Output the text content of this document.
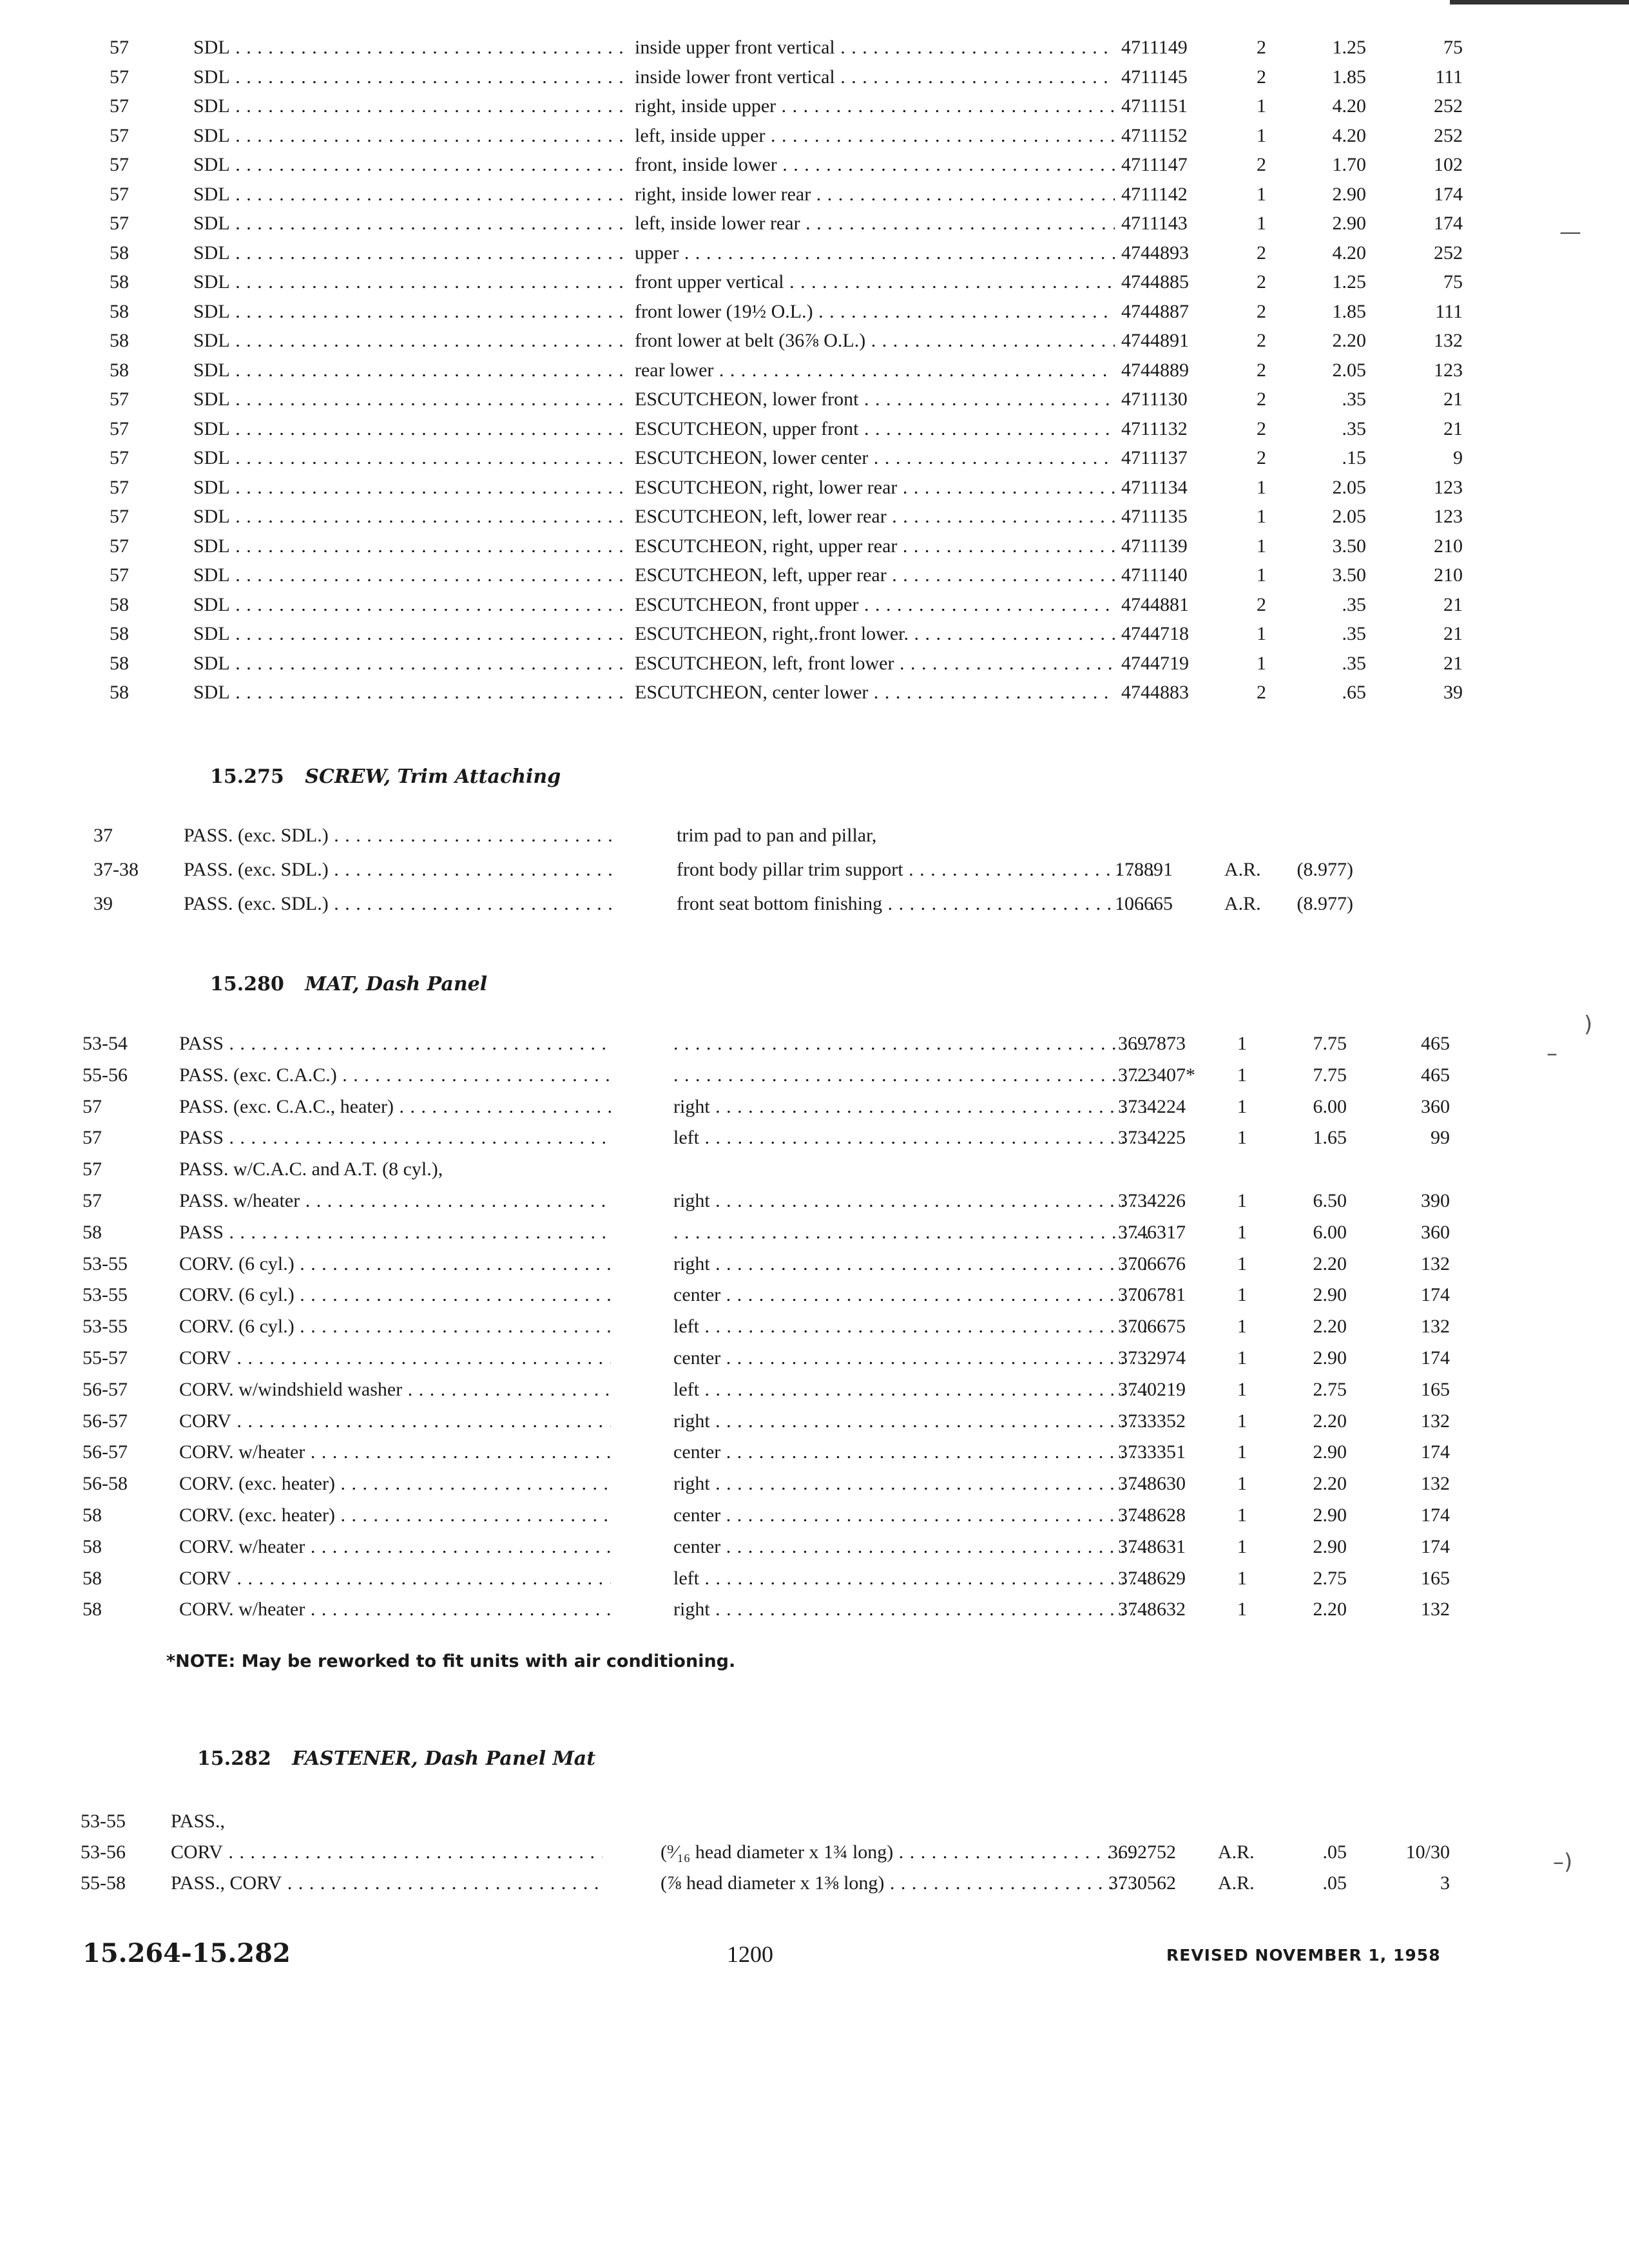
—
)
–
–)
57	SDL . . .	inside upper front vertical . . .	4711149	2	1.25	75
57	SDL . . .	inside lower front vertical . . .	4711145	2	1.85	111
57	SDL . . .	right, inside upper . . .	4711151	1	4.20	252
57	SDL . . .	left, inside upper . . .	4711152	1	4.20	252
57	SDL . . .	front, inside lower . . .	4711147	2	1.70	102
57	SDL . . .	right, inside lower rear . . .	4711142	1	2.90	174
57	SDL . . .	left, inside lower rear . . .	4711143	1	2.90	174
58	SDL . . .	upper . . .	4744893	2	4.20	252
58	SDL . . .	front upper vertical . . .	4744885	2	1.25	75
58	SDL . . .	front lower (19½ O.L.) . . .	4744887	2	1.85	111
58	SDL . . .	front lower at belt (36⅞ O.L.) . . .	4744891	2	2.20	132
58	SDL . . .	rear lower . . .	4744889	2	2.05	123
57	SDL . . .	ESCUTCHEON, lower front . . .	4711130	2	.35	21
57	SDL . . .	ESCUTCHEON, upper front . . .	4711132	2	.35	21
57	SDL . . .	ESCUTCHEON, lower center . . .	4711137	2	.15	9
57	SDL . . .	ESCUTCHEON, right, lower rear . . .	4711134	1	2.05	123
57	SDL . . .	ESCUTCHEON, left, lower rear . . .	4711135	1	2.05	123
57	SDL . . .	ESCUTCHEON, right, upper rear . . .	4711139	1	3.50	210
57	SDL . . .	ESCUTCHEON, left, upper rear . . .	4711140	1	3.50	210
58	SDL . . .	ESCUTCHEON, front upper . . .	4744881	2	.35	21
58	SDL . . .	ESCUTCHEON, right,.front lower. . . .	4744718	1	.35	21
58	SDL . . .	ESCUTCHEON, left, front lower . . .	4744719	1	.35	21
58	SDL . . .	ESCUTCHEON, center lower . . .	4744883	2	.65	39
15.275 SCREW, Trim Attaching
37	PASS. (exc. SDL.) . . .	trim pad to pan and pillar,
37-38	PASS. (exc. SDL.) . . .	front body pillar trim support . . .	178891	A.R.	(8.977)
39	PASS. (exc. SDL.) . . .	front seat bottom finishing . . .	106665	A.R.	(8.977)
15.280 MAT, Dash Panel
53-54	PASS . . . . . .	3697873	1	7.75	465
55-56	PASS. (exc. C.A.C.) . . . . . .	3723407*	1	7.75	465
57	PASS. (exc. C.A.C., heater) . . .	right . . .	3734224	1	6.00	360
57	PASS . . .	left . . .	3734225	1	1.65	99
57	PASS. w/C.A.C. and A.T. (8 cyl.),
57	PASS. w/heater . . .	right . . .	3734226	1	6.50	390
58	PASS . . . . . .	3746317	1	6.00	360
53-55	CORV. (6 cyl.) . . .	right . . .	3706676	1	2.20	132
53-55	CORV. (6 cyl.) . . .	center . . .	3706781	1	2.90	174
53-55	CORV. (6 cyl.) . . .	left . . .	3706675	1	2.20	132
55-57	CORV . . .	center . . .	3732974	1	2.90	174
56-57	CORV. w/windshield washer . . .	left . . .	3740219	1	2.75	165
56-57	CORV . . .	right . . .	3733352	1	2.20	132
56-57	CORV. w/heater . . .	center . . .	3733351	1	2.90	174
56-58	CORV. (exc. heater) . . .	right . . .	3748630	1	2.20	132
58	CORV. (exc. heater) . . .	center . . .	3748628	1	2.90	174
58	CORV. w/heater . . .	center . . .	3748631	1	2.90	174
58	CORV . . .	left . . .	3748629	1	2.75	165
58	CORV. w/heater . . .	right . . .	3748632	1	2.20	132
*NOTE: May be reworked to fit units with air conditioning.
15.282 FASTENER, Dash Panel Mat
53-55	PASS.,
53-56	CORV . . .	(⁹⁄₁₆ head diameter x 1¾ long) . . .	3692752	A.R.	.05	10/30
55-58	PASS., CORV . . .	(⅞ head diameter x 1⅜ long) . . .	3730562	A.R.	.05	3
15.264-15.282	1200	REVISED NOVEMBER 1, 1958
